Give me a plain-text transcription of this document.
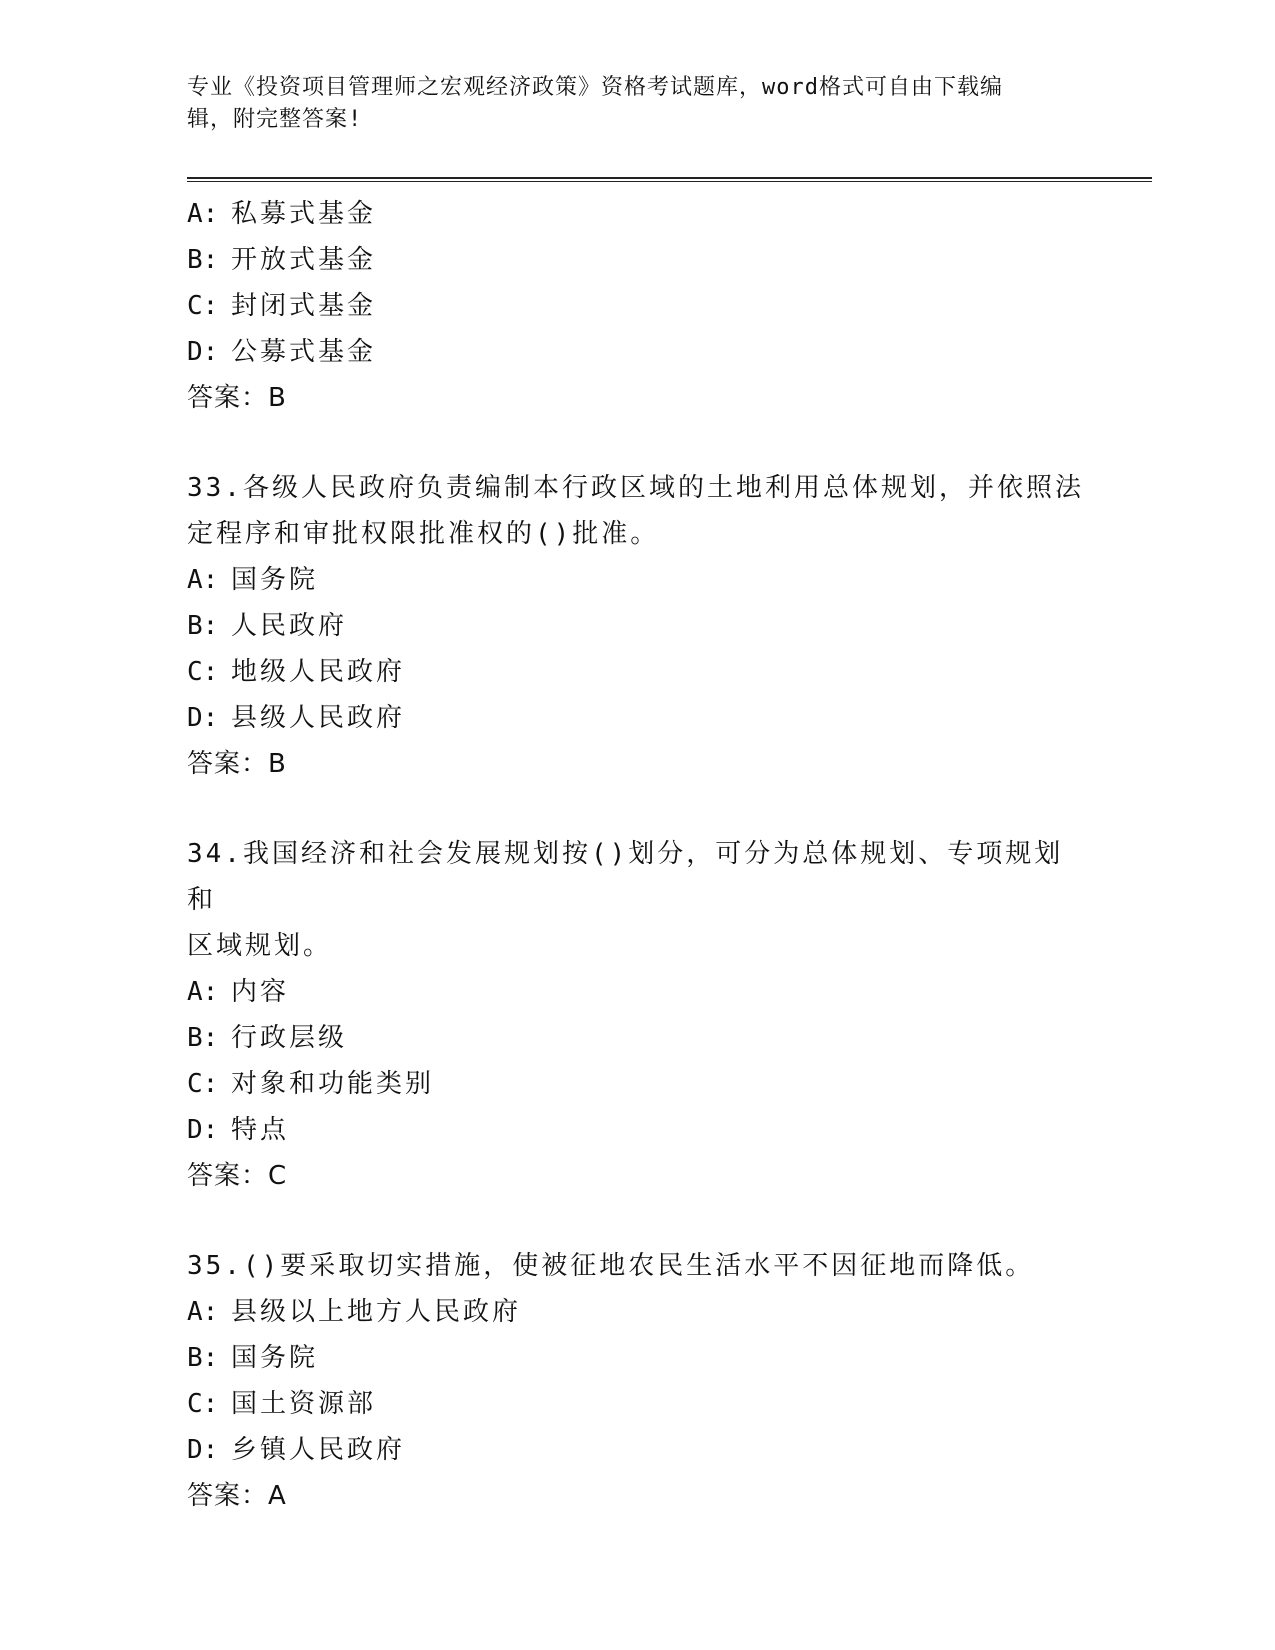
专业《投资项目管理师之宏观经济政策》资格考试题库，word格式可自由下载编
辑，附完整答案!

A: 私募式基金

B: 开放式基金

C: 封闭式基金

D: 公募式基金

答案：B

33.各级人民政府负责编制本行政区域的土地利用总体规划，并依照法

定程序和审批权限批准权的()批准。

A: 国务院

B: 人民政府

C: 地级人民政府

D: 县级人民政府

答案：B

34.我国经济和社会发展规划按()划分，可分为总体规划、专项规划和

区域规划。

A: 内容

B: 行政层级

C: 对象和功能类别

D: 特点

答案：C

35.()要采取切实措施，使被征地农民生活水平不因征地而降低。

A: 县级以上地方人民政府

B: 国务院

C: 国土资源部

D: 乡镇人民政府

答案：A
